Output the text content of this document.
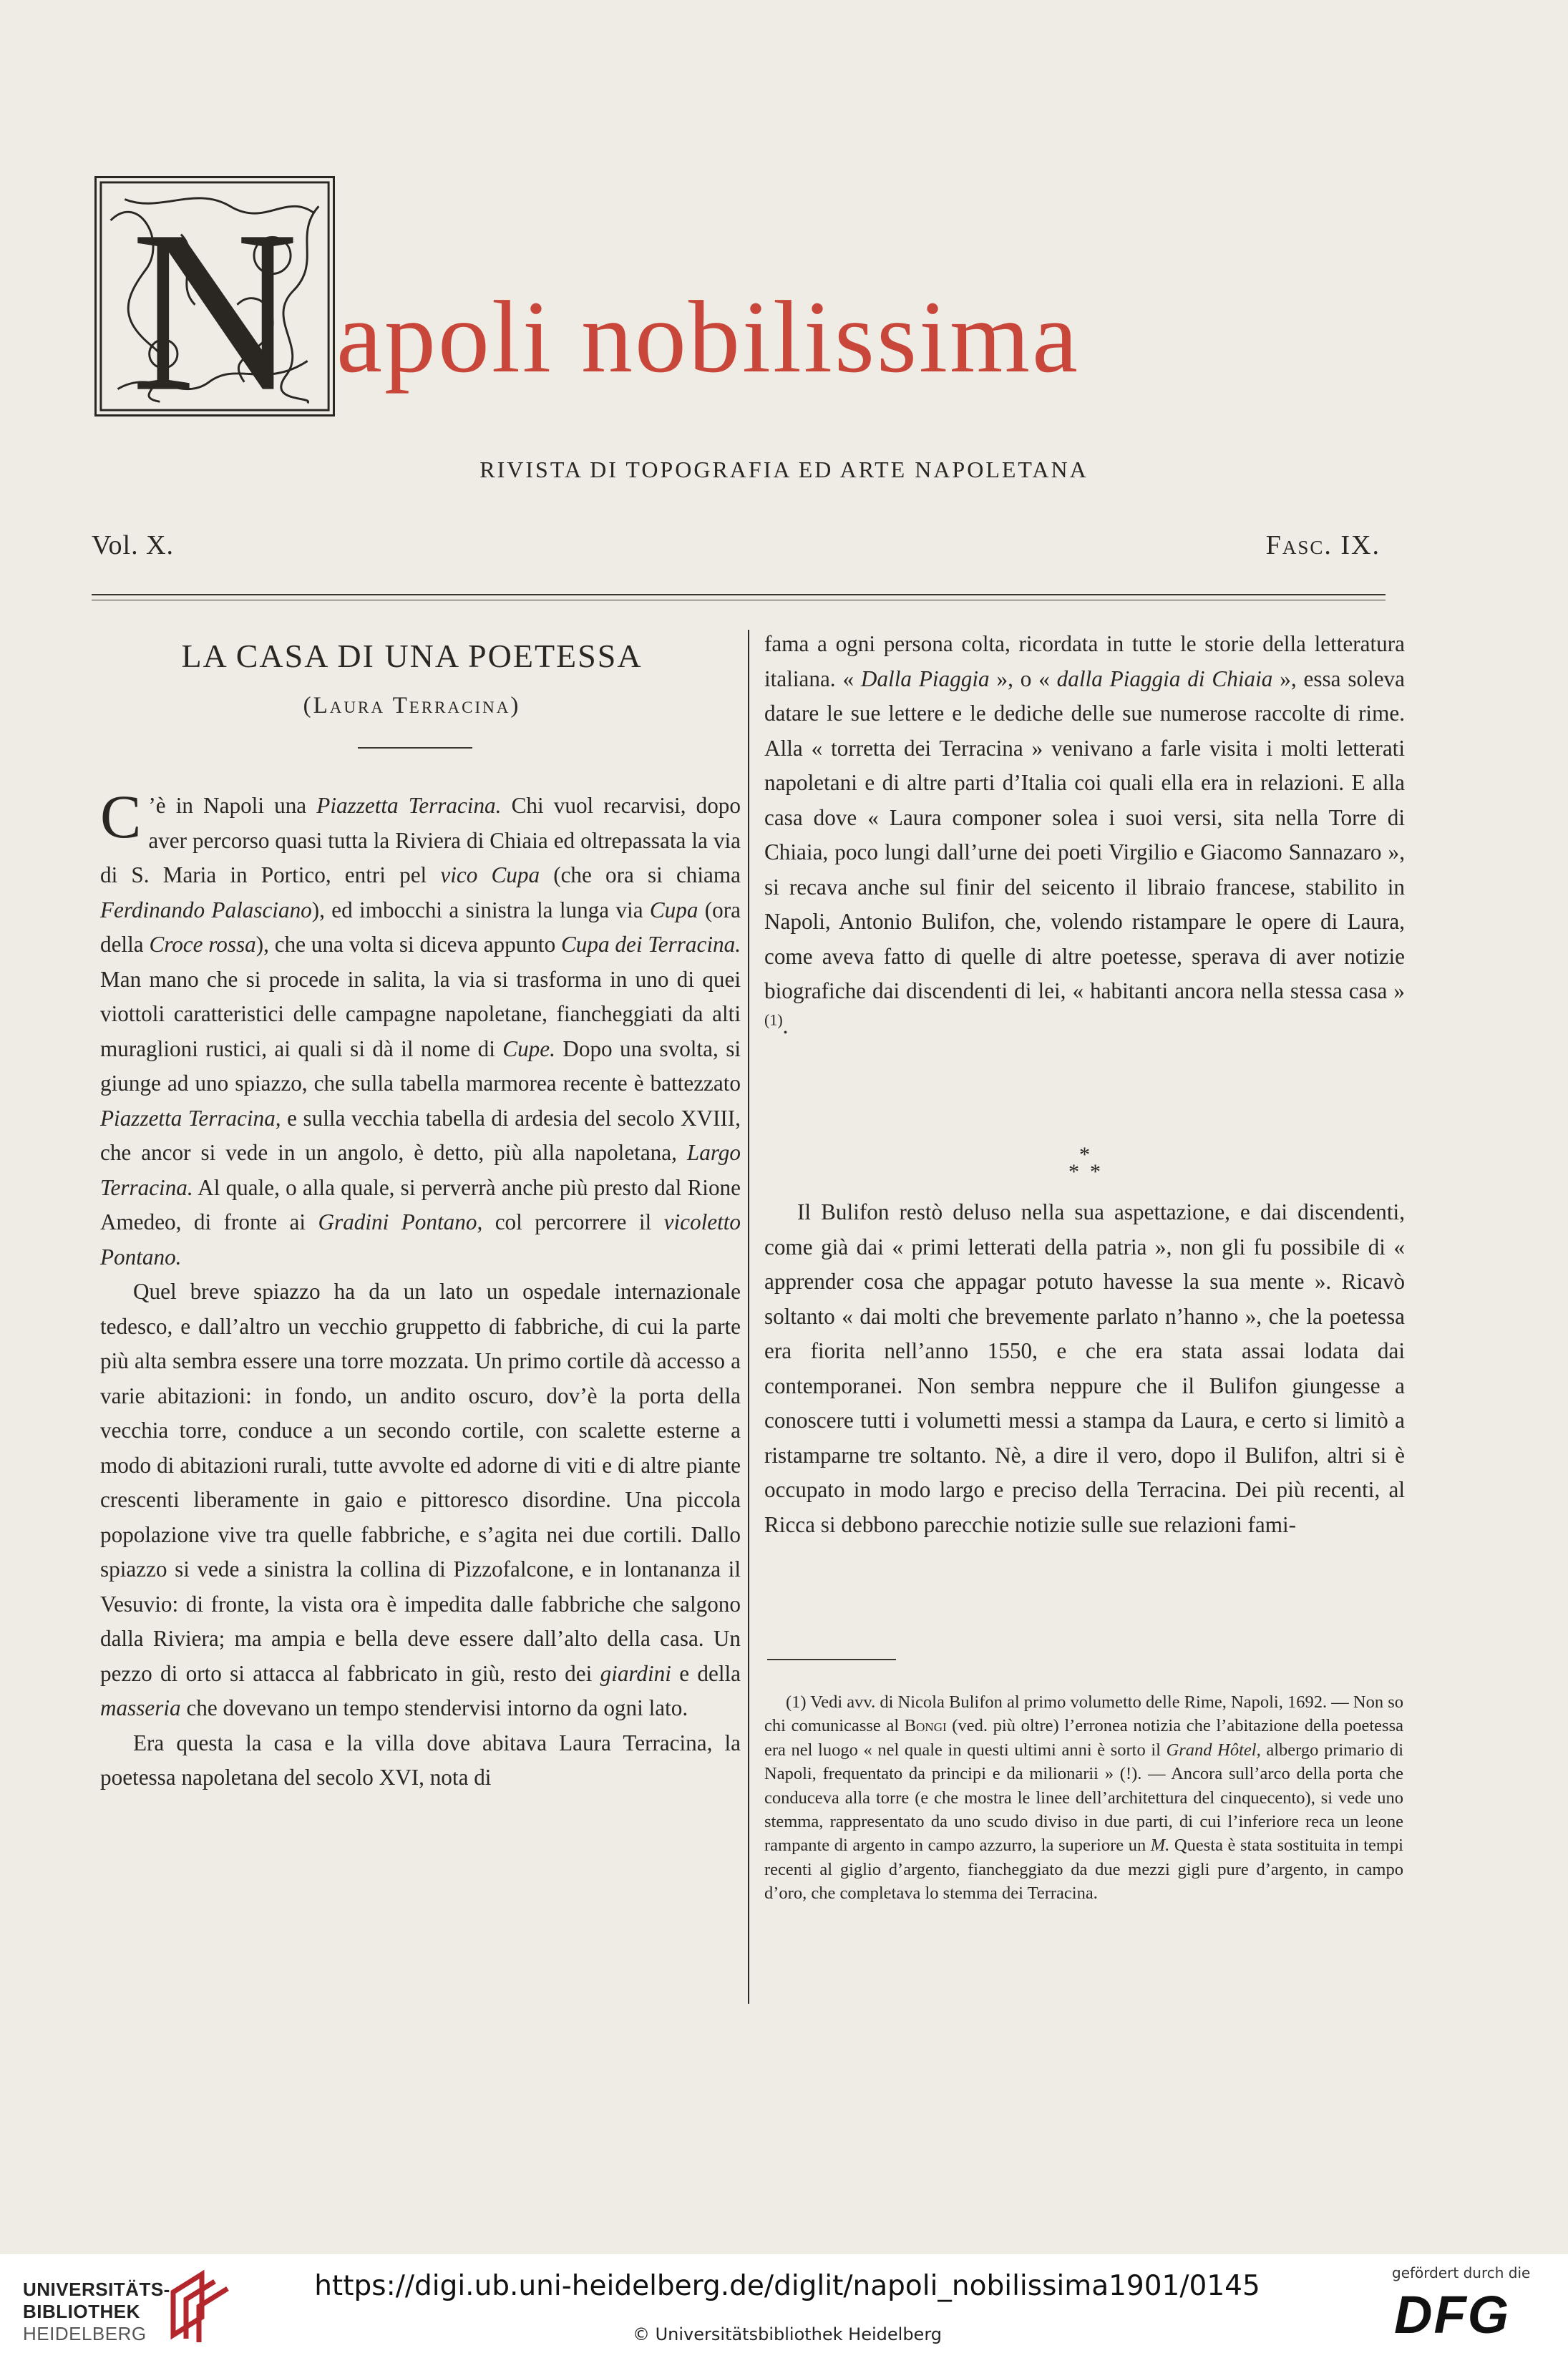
N apoli nobilissima
RIVISTA DI TOPOGRAFIA ED ARTE NAPOLETANA
Vol. X.	Fasc. IX.
LA CASA DI UNA POETESSA
(Laura Terracina)

C ’è in Napoli una Piazzetta Terracina. Chi vuol recarvisi, dopo aver percorso quasi tutta la Riviera di Chiaia ed oltrepassata la via di S. Maria in Portico, entri pel vico Cupa (che ora si chiama Ferdinando Palasciano), ed imbocchi a sinistra la lunga via Cupa (ora della Croce rossa), che una volta si diceva appunto Cupa dei Terracina. Man mano che si procede in salita, la via si trasforma in uno di quei viottoli caratteristici delle campagne napoletane, fiancheggiati da alti muraglioni rustici, ai quali si dà il nome di Cupe. Dopo una svolta, si giunge ad uno spiazzo, che sulla tabella marmorea recente è battezzato Piazzetta Terracina, e sulla vecchia tabella di ardesia del secolo XVIII, che ancor si vede in un angolo, è detto, più alla napoletana, Largo Terracina. Al quale, o alla quale, si perverrà anche più presto dal Rione Amedeo, di fronte ai Gradini Pontano, col percorrere il vicoletto Pontano.

Quel breve spiazzo ha da un lato un ospedale internazionale tedesco, e dall’altro un vecchio gruppetto di fabbriche, di cui la parte più alta sembra essere una torre mozzata. Un primo cortile dà accesso a varie abitazioni: in fondo, un andito oscuro, dov’è la porta della vecchia torre, conduce a un secondo cortile, con scalette esterne a modo di abitazioni rurali, tutte avvolte ed adorne di viti e di altre piante crescenti liberamente in gaio e pittoresco disordine. Una piccola popolazione vive tra quelle fabbriche, e s’agita nei due cortili. Dallo spiazzo si vede a sinistra la collina di Pizzofalcone, e in lontananza il Vesuvio: di fronte, la vista ora è impedita dalle fabbriche che salgono dalla Riviera; ma ampia e bella deve essere dall’alto della casa. Un pezzo di orto si attacca al fabbricato in giù, resto dei giardini e della masseria che dovevano un tempo stendervisi intorno da ogni lato.

Era questa la casa e la villa dove abitava Laura Terracina, la poetessa napoletana del secolo XVI, nota di

fama a ogni persona colta, ricordata in tutte le storie della letteratura italiana. « Dalla Piaggia », o « dalla Piaggia di Chiaia », essa soleva datare le sue lettere e le dediche delle sue numerose raccolte di rime. Alla « torretta dei Terracina » venivano a farle visita i molti letterati napoletani e di altre parti d’Italia coi quali ella era in relazioni. E alla casa dove « Laura componer solea i suoi versi, sita nella Torre di Chiaia, poco lungi dall’urne dei poeti Virgilio e Giacomo Sannazaro », si recava anche sul finir del seicento il libraio francese, stabilito in Napoli, Antonio Bulifon, che, volendo ristampare le opere di Laura, come aveva fatto di quelle di altre poetesse, sperava di aver notizie biografiche dai discendenti di lei, « habitanti ancora nella stessa casa » $^{(1)}$.

*
*  *

Il Bulifon restò deluso nella sua aspettazione, e dai discendenti, come già dai « primi letterati della patria », non gli fu possibile di « apprender cosa che appagar potuto havesse la sua mente ». Ricavò soltanto « dai molti che brevemente parlato n’hanno », che la poetessa era fiorita nell’anno 1550, e che era stata assai lodata dai contemporanei. Non sembra neppure che il Bulifon giungesse a conoscere tutti i volumetti messi a stampa da Laura, e certo si limitò a ristamparne tre soltanto. Nè, a dire il vero, dopo il Bulifon, altri si è occupato in modo largo e preciso della Terracina. Dei più recenti, al Ricca si debbono parecchie notizie sulle sue relazioni fami-

(1) Vedi avv. di Nicola Bulifon al primo volumetto delle Rime, Napoli, 1692. — Non so chi comunicasse al Bongi (ved. più oltre) l’erronea notizia che l’abitazione della poetessa era nel luogo « nel quale in questi ultimi anni è sorto il Grand Hôtel, albergo primario di Napoli, frequentato da principi e da milionarii » (!). — Ancora sull’arco della porta che conduceva alla torre (e che mostra le linee dell’architettura del cinquecento), si vede uno stemma, rappresentato da uno scudo diviso in due parti, di cui l’inferiore reca un leone rampante di argento in campo azzurro, la superiore un M. Questa è stata sostituita in tempi recenti al giglio d’argento, fiancheggiato da due mezzi gigli pure d’argento, in campo d’oro, che completava lo stemma dei Terracina.

UNIVERSITÄTS-
BIBLIOTHEK
HEIDELBERG
https://digi.ub.uni-heidelberg.de/diglit/napoli_nobilissima1901/0145
© Universitätsbibliothek Heidelberg
gefördert durch die
DFG
